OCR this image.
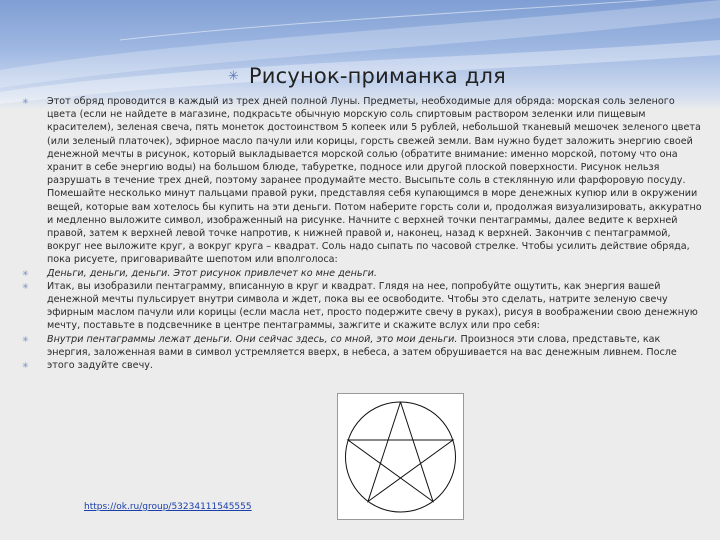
✳ Рисунок-приманка для
✳	Этот обряд проводится в каждый из трех дней полной Луны. Предметы, необходимые для обряда: морская соль зеленого цвета (если не найдете в магазине, подкрасьте обычную морскую соль спиртовым раствором зеленки или пищевым красителем), зеленая свеча, пять монеток достоинством 5 копеек или 5 рублей, небольшой тканевый мешочек зеленого цвета (или зеленый платочек), эфирное масло пачули или корицы, горсть свежей земли. Вам нужно будет заложить энергию своей денежной мечты в рисунок, который выкладывается морской солью (обратите внимание: именно морской, потому что она хранит в себе энергию воды) на большом блюде, табуретке, подносе или другой плоской поверхности. Рисунок нельзя разрушать в течение трех дней, поэтому заранее продумайте место. Высыпьте соль в стеклянную или фарфоровую посуду. Помешайте несколько минут пальцами правой руки, представляя себя купающимся в море денежных купюр или в окружении вещей, которые вам хотелось бы купить на эти деньги. Потом наберите горсть соли и, продолжая визуализировать, аккуратно и медленно выложите символ, изображенный на рисунке. Начните с верхней точки пентаграммы, далее ведите к верхней правой, затем к верхней левой точке напротив, к нижней правой и, наконец, назад к верхней. Закончив с пентаграммой, вокруг нее выложите круг, а вокруг круга – квадрат. Соль надо сыпать по часовой стрелке. Чтобы усилить действие обряда, пока рисуете, приговаривайте шепотом или вполголоса:
✳	Деньги, деньги, деньги. Этот рисунок привлечет ко мне деньги.
✳	Итак, вы изобразили пентаграмму, вписанную в круг и квадрат. Глядя на нее, попробуйте ощутить, как энергия вашей денежной мечты пульсирует внутри символа и ждет, пока вы ее освободите. Чтобы это сделать, натрите зеленую свечу эфирным маслом пачули или корицы (если масла нет, просто подержите свечу в руках), риcуя в воображении свою денежную мечту, поставьте в подсвечнике в центре пентаграммы, зажгите и скажите вслух или про себя:
✳	Внутри пентаграммы лежат деньги. Они сейчас здесь, со мной, это мои деньги. Произнося эти слова, представьте, как энергия, заложенная вами в символ устремляется вверх, в небеса, а затем обрушивается на вас денежным ливнем. После
✳	этого задуйте свечу.
https://ok.ru/group/53234111545555
